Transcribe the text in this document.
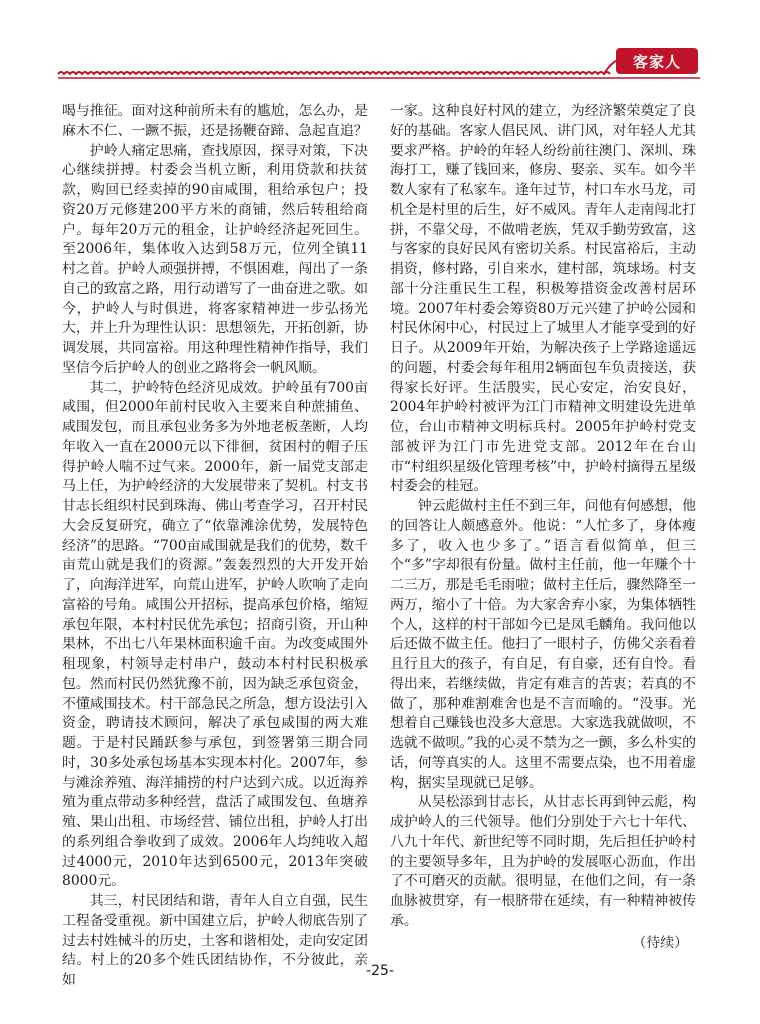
客家人

喝与推征。面对这种前所未有的尴尬，怎么办，是麻木不仁、一蹶不振，还是扬鞭奋蹄、急起直追？

护岭人痛定思痛，查找原因，探寻对策，下决心继续拼搏。村委会当机立断，利用贷款和扶贫款，购回已经卖掉的90亩咸围，租给承包户；投资20万元修建200平方米的商铺，然后转租给商户。每年20万元的租金，让护岭经济起死回生。至2006年，集体收入达到58万元，位列全镇11村之首。护岭人顽强拼搏，不惧困难，闯出了一条自己的致富之路，用行动谱写了一曲奋进之歌。如今，护岭人与时俱进，将客家精神进一步弘扬光大，并上升为理性认识：思想领先，开拓创新，协调发展，共同富裕。用这种理性精神作指导，我们坚信今后护岭人的创业之路将会一帆风顺。

其二，护岭特色经济见成效。护岭虽有700亩咸围，但2000年前村民收入主要来自种蔗捕鱼、咸围发包，而且承包业务多为外地老板垄断，人均年收入一直在2000元以下徘徊，贫困村的帽子压得护岭人喘不过气来。2000年，新一届党支部走马上任，为护岭经济的大发展带来了契机。村支书甘志长组织村民到珠海、佛山考查学习，召开村民大会反复研究，确立了“依靠滩涂优势，发展特色经济”的思路。“700亩咸围就是我们的优势，数千亩荒山就是我们的资源。”轰轰烈烈的大开发开始了，向海洋进军，向荒山进军，护岭人吹响了走向富裕的号角。咸围公开招标，提高承包价格，缩短承包年限，本村村民优先承包；招商引资，开山种果林，不出七八年果林面积逾千亩。为改变咸围外租现象，村领导走村串户，鼓动本村村民积极承包。然而村民仍然犹豫不前，因为缺乏承包资金，不懂咸围技术。村干部急民之所急，想方设法引入资金，聘请技术顾问，解决了承包咸围的两大难题。于是村民踊跃参与承包，到签署第三期合同时，30多处承包场基本实现本村化。2007年，参与滩涂养殖、海洋捕捞的村户达到六成。以近海养殖为重点带动多种经营，盘活了咸围发包、鱼塘养殖、果山出租、市场经营、铺位出租，护岭人打出的系列组合拳收到了成效。2006年人均纯收入超过4000元，2010年达到6500元，2013年突破8000元。

其三，村民团结和谐，青年人自立自强，民生工程备受重视。新中国建立后，护岭人彻底告别了过去村姓械斗的历史，土客和谐相处，走向安定团结。村上的20多个姓氏团结协作，不分彼此，亲如

一家。这种良好村风的建立，为经济繁荣奠定了良好的基础。客家人倡民风、讲门风，对年轻人尤其要求严格。护岭的年轻人纷纷前往澳门、深圳、珠海打工，赚了钱回来，修房、娶亲、买车。如今半数人家有了私家车。逢年过节，村口车水马龙，司机全是村里的后生，好不威风。青年人走南闯北打拼，不靠父母，不做啃老族，凭双手勤劳致富，这与客家的良好民风有密切关系。村民富裕后，主动捐资，修村路，引自来水，建村部，筑球场。村支部十分注重民生工程，积极筹措资金改善村居环境。2007年村委会筹资80万元兴建了护岭公园和村民休闲中心，村民过上了城里人才能享受到的好日子。从2009年开始，为解决孩子上学路途遥远的问题，村委会每年租用2辆面包车负责接送，获得家长好评。生活殷实，民心安定，治安良好，2004年护岭村被评为江门市精神文明建设先进单位，台山市精神文明标兵村。2005年护岭村党支部被评为江门市先进党支部。2012年在台山市“村组织星级化管理考核”中，护岭村摘得五星级村委会的桂冠。

钟云彪做村主任不到三年，问他有何感想，他的回答让人颇感意外。他说：“人忙多了，身体瘦多了，收入也少多了。”语言看似简单，但三个“多”字却很有份量。做村主任前，他一年赚个十二三万，那是毛毛雨啦；做村主任后，骤然降至一两万，缩小了十倍。为大家舍弃小家，为集体牺牲个人，这样的村干部如今已是凤毛麟角。我问他以后还做不做主任。他扫了一眼村子，仿佛父亲看着且行且大的孩子，有自足，有自豪，还有自怜。看得出来，若继续做，肯定有难言的苦衷；若真的不做了，那种难割难舍也是不言而喻的。“没事。光想着自己赚钱也没多大意思。大家选我就做呗，不选就不做呗。”我的心灵不禁为之一颤，多么朴实的话，何等真实的人。这里不需要点染，也不用着虚构，据实呈现就已足够。

从吴松添到甘志长，从甘志长再到钟云彪，构成护岭人的三代领导。他们分别处于六七十年代、八九十年代、新世纪等不同时期，先后担任护岭村的主要领导多年，且为护岭的发展呕心沥血，作出了不可磨灭的贡献。很明显，在他们之间，有一条血脉被贯穿，有一根脐带在延续，有一种精神被传承。

（待续）

-25-
